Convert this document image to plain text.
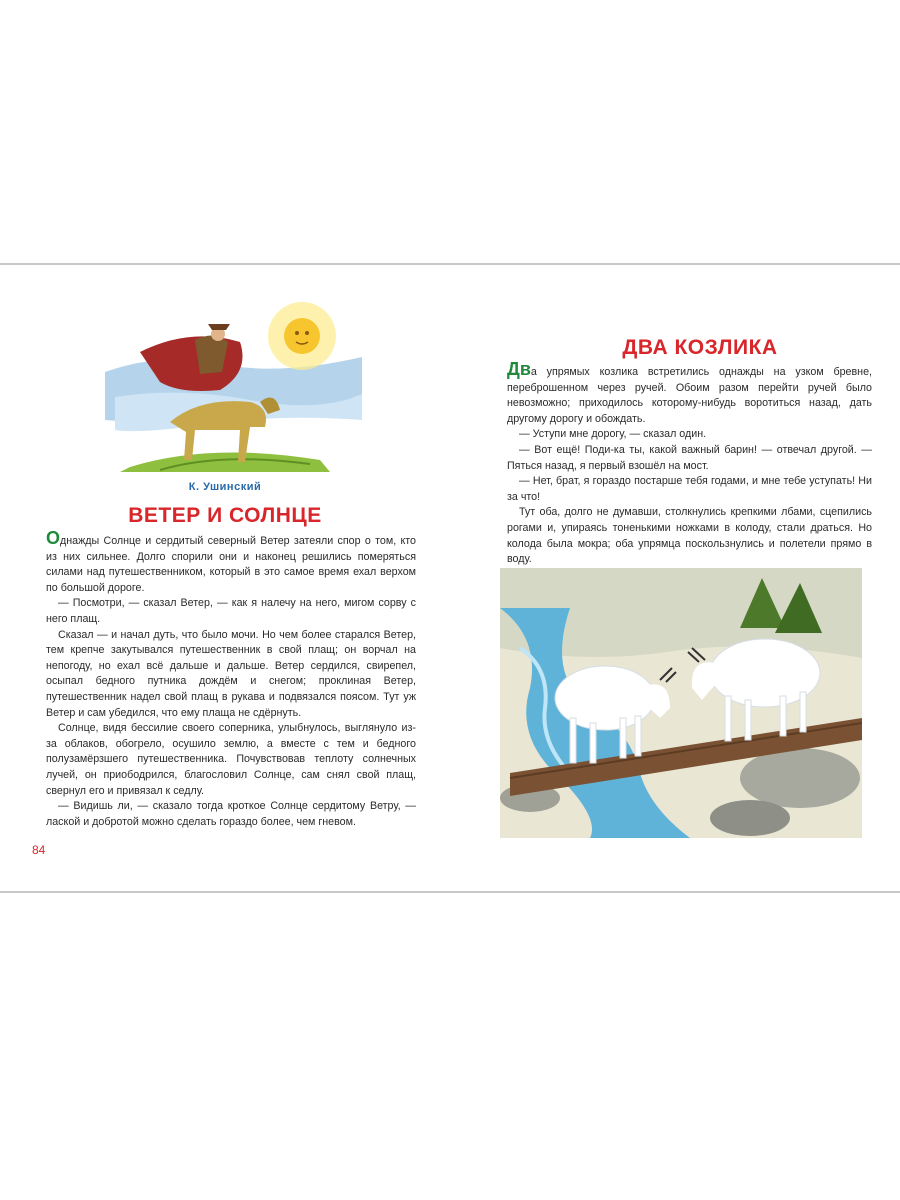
К. Ушинский
ВЕТЕР И СОЛНЦЕ

Однажды Солнце и сердитый северный Ветер затеяли спор о том, кто из них сильнее. Долго спорили они и наконец решились померяться силами над путешественником, который в это самое время ехал верхом по большой дороге.

— Посмотри, — сказал Ветер, — как я налечу на него, мигом сорву с него плащ.

Сказал — и начал дуть, что было мочи. Но чем более старался Ветер, тем крепче закутывался путешественник в свой плащ; он ворчал на непогоду, но ехал всё дальше и дальше. Ветер сердился, свирепел, осыпал бедного путника дождём и снегом; проклиная Ветер, путешественник надел свой плащ в рукава и подвязался поясом. Тут уж Ветер и сам убедился, что ему плаща не сдёрнуть.

Солнце, видя бессилие своего соперника, улыбнулось, выглянуло из-за облаков, обогрело, осушило землю, а вместе с тем и бедного полузамёрзшего путешественника. Почувствовав теплоту солнечных лучей, он приободрился, благословил Солнце, сам снял свой плащ, свернул его и привязал к седлу.

— Видишь ли, — сказало тогда кроткое Солнце сердитому Ветру, — лаской и добротой можно сделать гораздо более, чем гневом.

84
ДВА КОЗЛИКА

Два упрямых козлика встретились однажды на узком бревне, переброшенном через ручей. Обоим разом перейти ручей было невозможно; приходилось которому-нибудь воротиться назад, дать другому дорогу и обождать.

— Уступи мне дорогу, — сказал один.

— Вот ещё! Поди-ка ты, какой важный барин! — отвечал другой. — Пяться назад, я первый взошёл на мост.

— Нет, брат, я гораздо постарше тебя годами, и мне тебе уступать! Ни за что!

Тут оба, долго не думавши, столкнулись крепкими лбами, сцепились рогами и, упираясь тоненькими ножками в колоду, стали драться. Но колода была мокра; оба упрямца поскользнулись и полетели прямо в воду.
